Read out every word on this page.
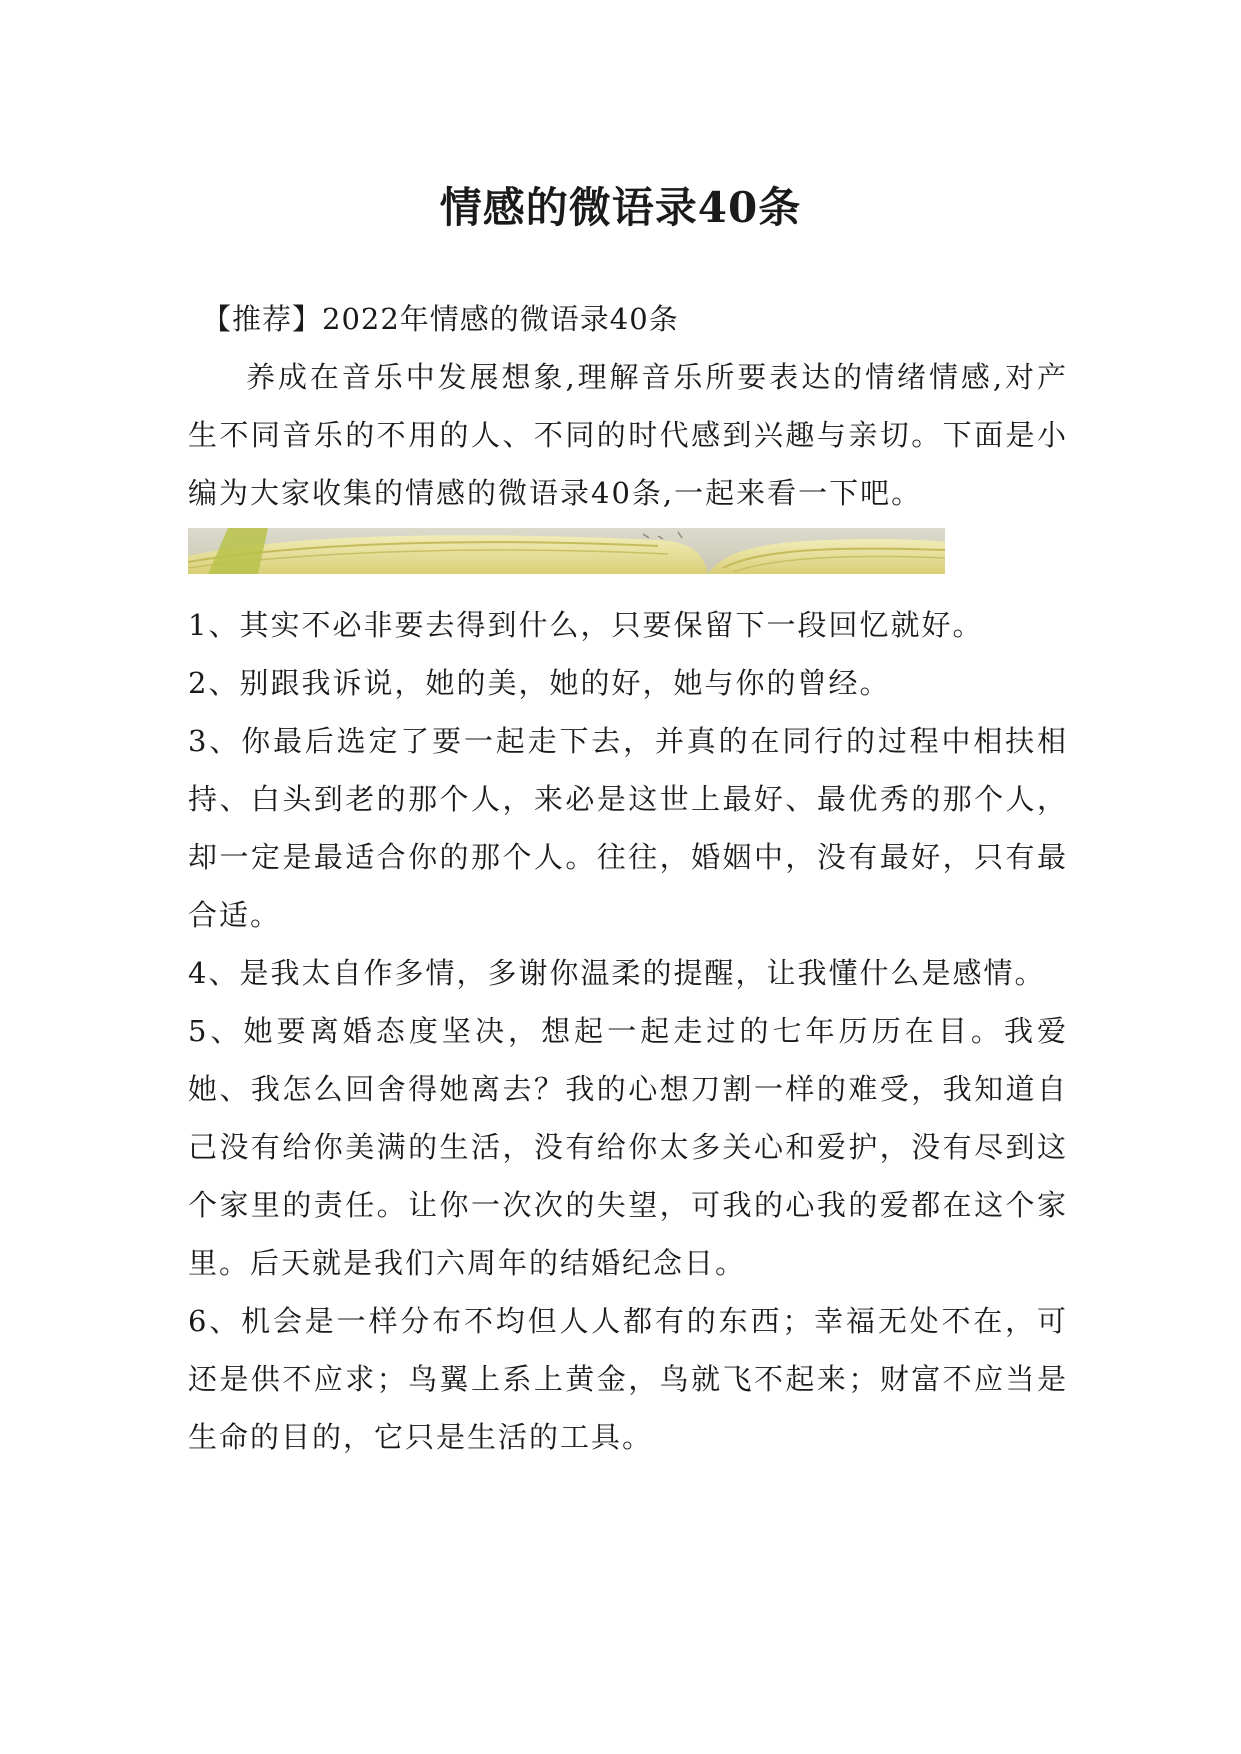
情感的微语录40条

【推荐】2022年情感的微语录40条

养成在音乐中发展想象,理解音乐所要表达的情绪情感,对产生不同音乐的不用的人、不同的时代感到兴趣与亲切。下面是小编为大家收集的情感的微语录40条,一起来看一下吧。

1、其实不必非要去得到什么，只要保留下一段回忆就好。
2、别跟我诉说，她的美，她的好，她与你的曾经。
3、你最后选定了要一起走下去，并真的在同行的过程中相扶相持、白头到老的那个人，来必是这世上最好、最优秀的那个人，却一定是最适合你的那个人。往往，婚姻中，没有最好，只有最合适。
4、是我太自作多情，多谢你温柔的提醒，让我懂什么是感情。
5、她要离婚态度坚决，想起一起走过的七年历历在目。我爱她、我怎么回舍得她离去？我的心想刀割一样的难受，我知道自己没有给你美满的生活，没有给你太多关心和爱护，没有尽到这个家里的责任。让你一次次的失望，可我的心我的爱都在这个家里。后天就是我们六周年的结婚纪念日。
6、机会是一样分布不均但人人都有的东西；幸福无处不在，可还是供不应求；鸟翼上系上黄金，鸟就飞不起来；财富不应当是生命的目的，它只是生活的工具。
